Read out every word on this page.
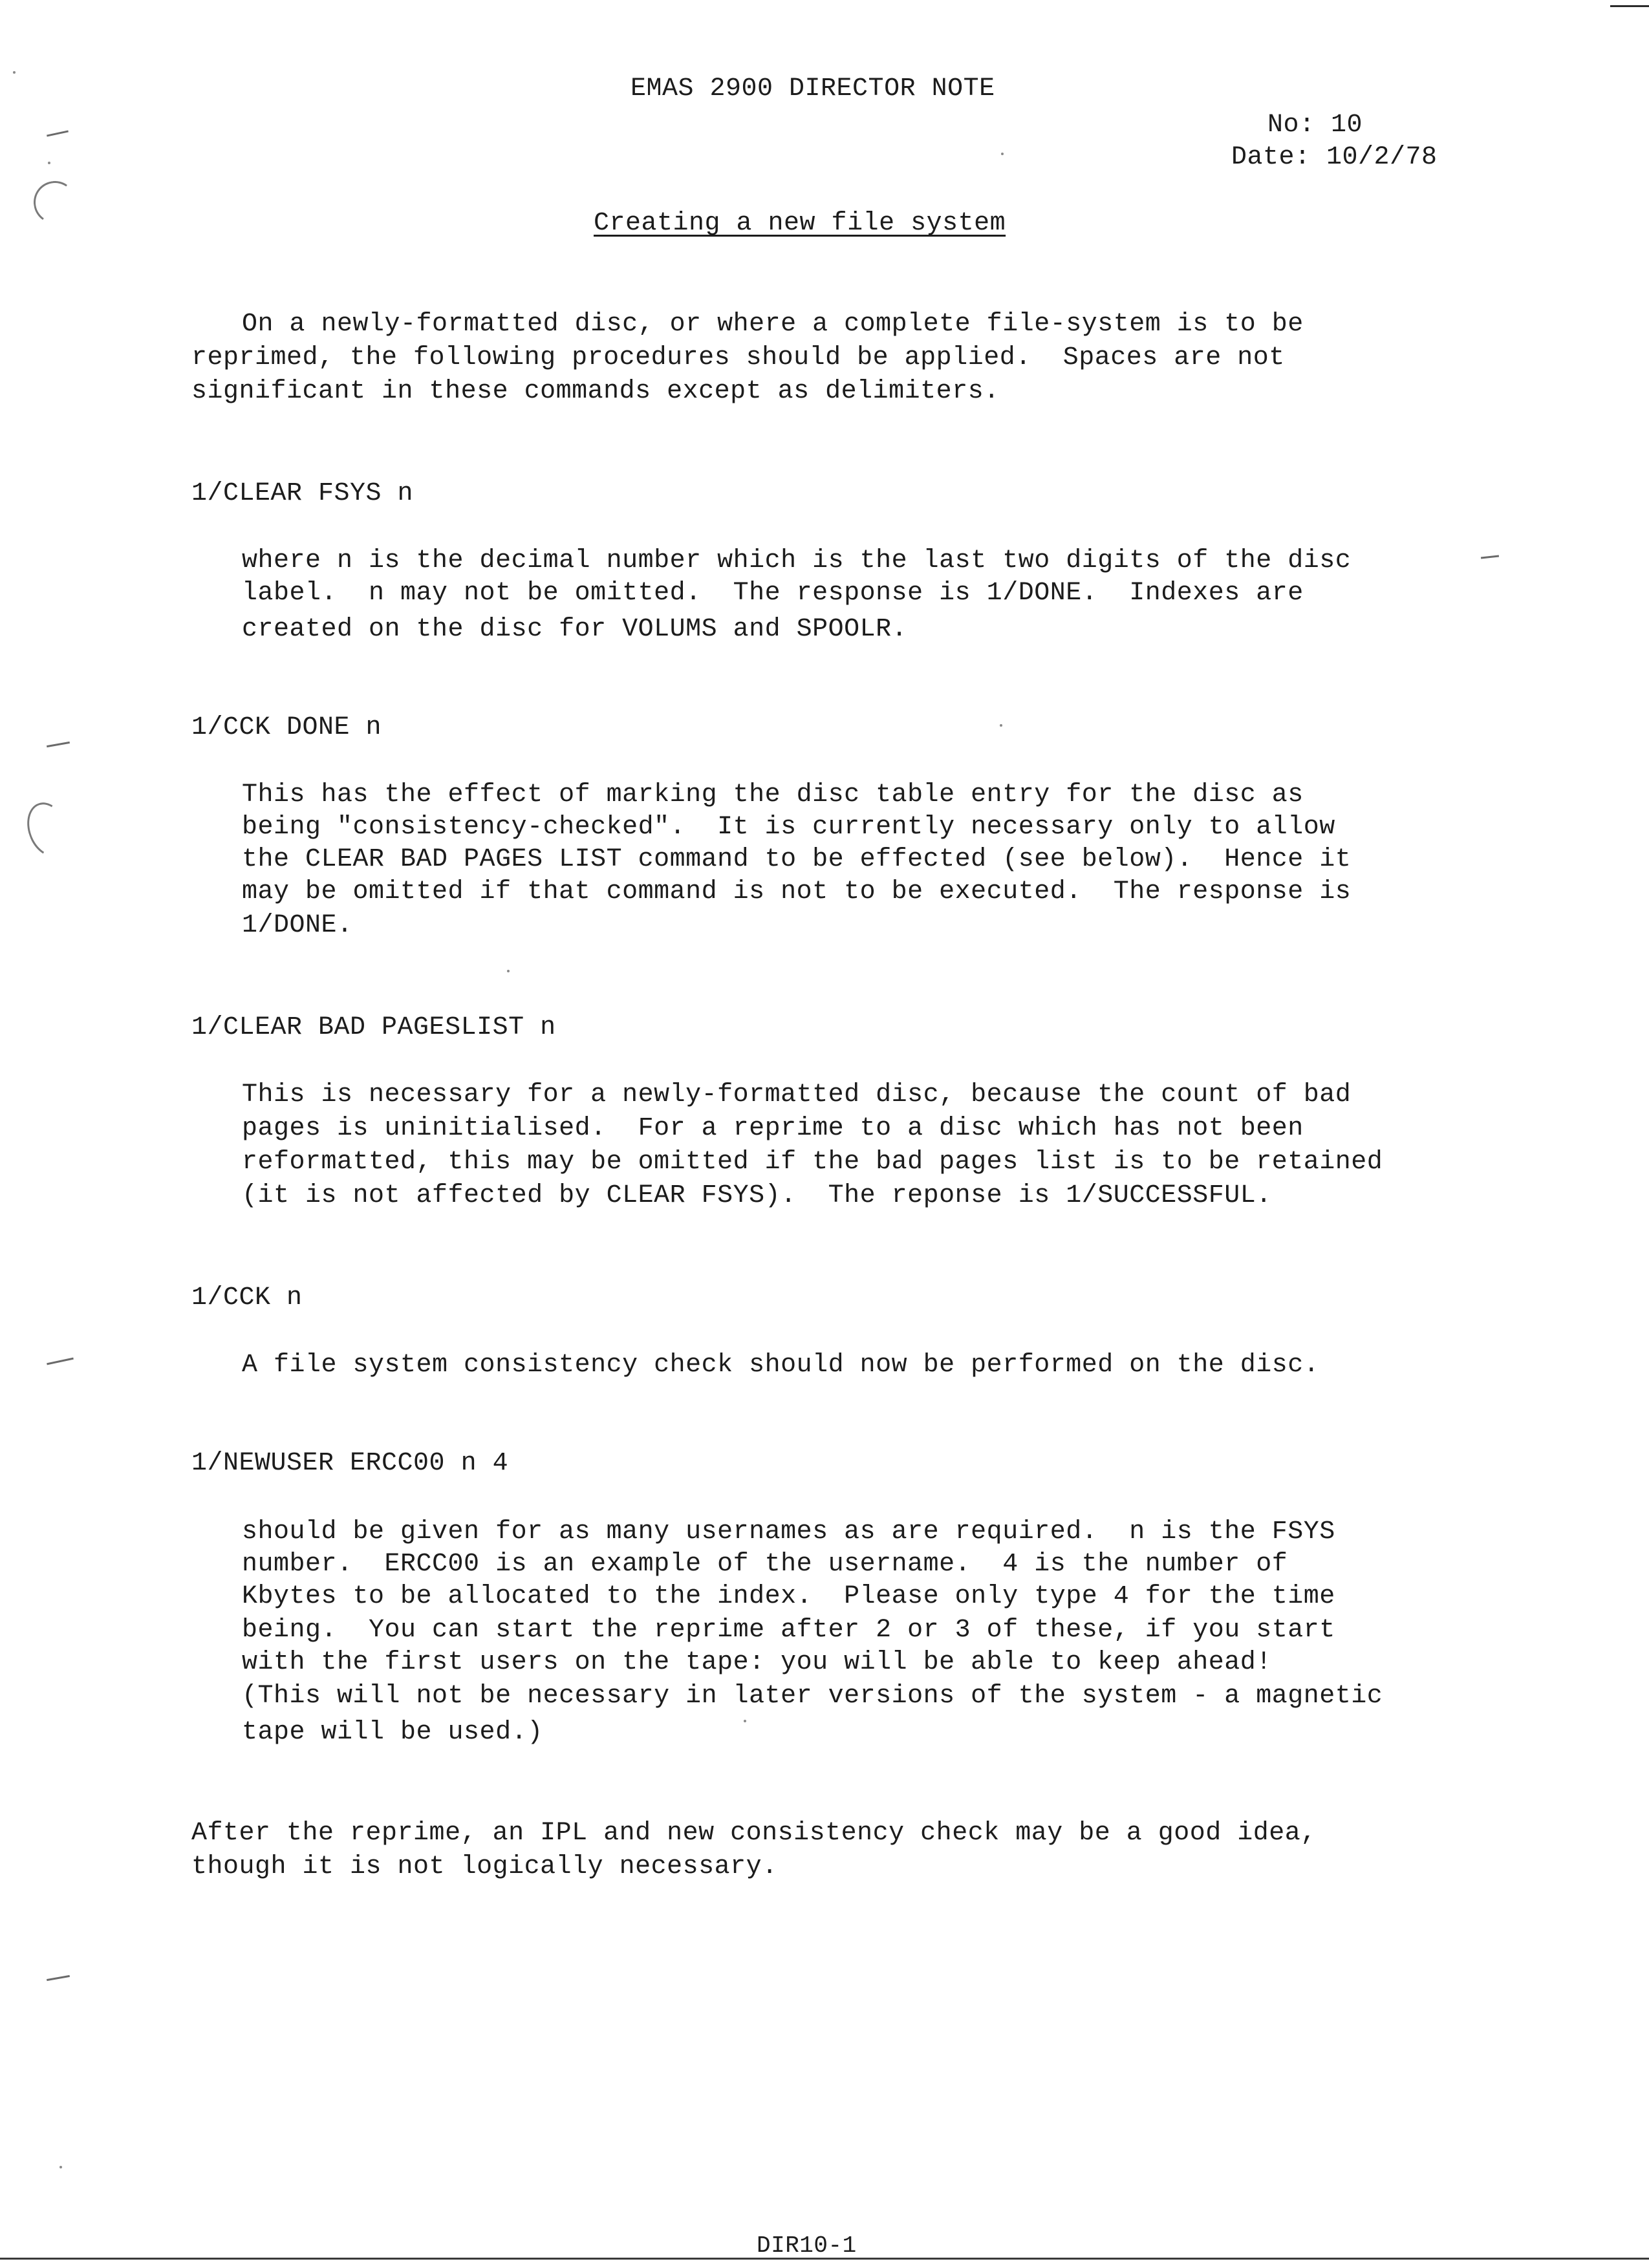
EMAS 2900 DIRECTOR NOTE
No: 10
Date: 10/2/78
Creating a new file system
On a newly-formatted disc, or where a complete file-system is to be
reprimed, the following procedures should be applied.  Spaces are not
significant in these commands except as delimiters.
1/CLEAR FSYS n
where n is the decimal number which is the last two digits of the disc
label.  n may not be omitted.  The response is 1/DONE.  Indexes are
created on the disc for VOLUMS and SPOOLR.
1/CCK DONE n
This has the effect of marking the disc table entry for the disc as
being "consistency-checked".  It is currently necessary only to allow
the CLEAR BAD PAGES LIST command to be effected (see below).  Hence it
may be omitted if that command is not to be executed.  The response is
1/DONE.
1/CLEAR BAD PAGESLIST n
This is necessary for a newly-formatted disc, because the count of bad
pages is uninitialised.  For a reprime to a disc which has not been
reformatted, this may be omitted if the bad pages list is to be retained
(it is not affected by CLEAR FSYS).  The reponse is 1/SUCCESSFUL.
1/CCK n
A file system consistency check should now be performed on the disc.
1/NEWUSER ERCC00 n 4
should be given for as many usernames as are required.  n is the FSYS
number.  ERCC00 is an example of the username.  4 is the number of
Kbytes to be allocated to the index.  Please only type 4 for the time
being.  You can start the reprime after 2 or 3 of these, if you start
with the first users on the tape: you will be able to keep ahead!
(This will not be necessary in later versions of the system - a magnetic
tape will be used.)
After the reprime, an IPL and new consistency check may be a good idea,
though it is not logically necessary.
DIR10-1
